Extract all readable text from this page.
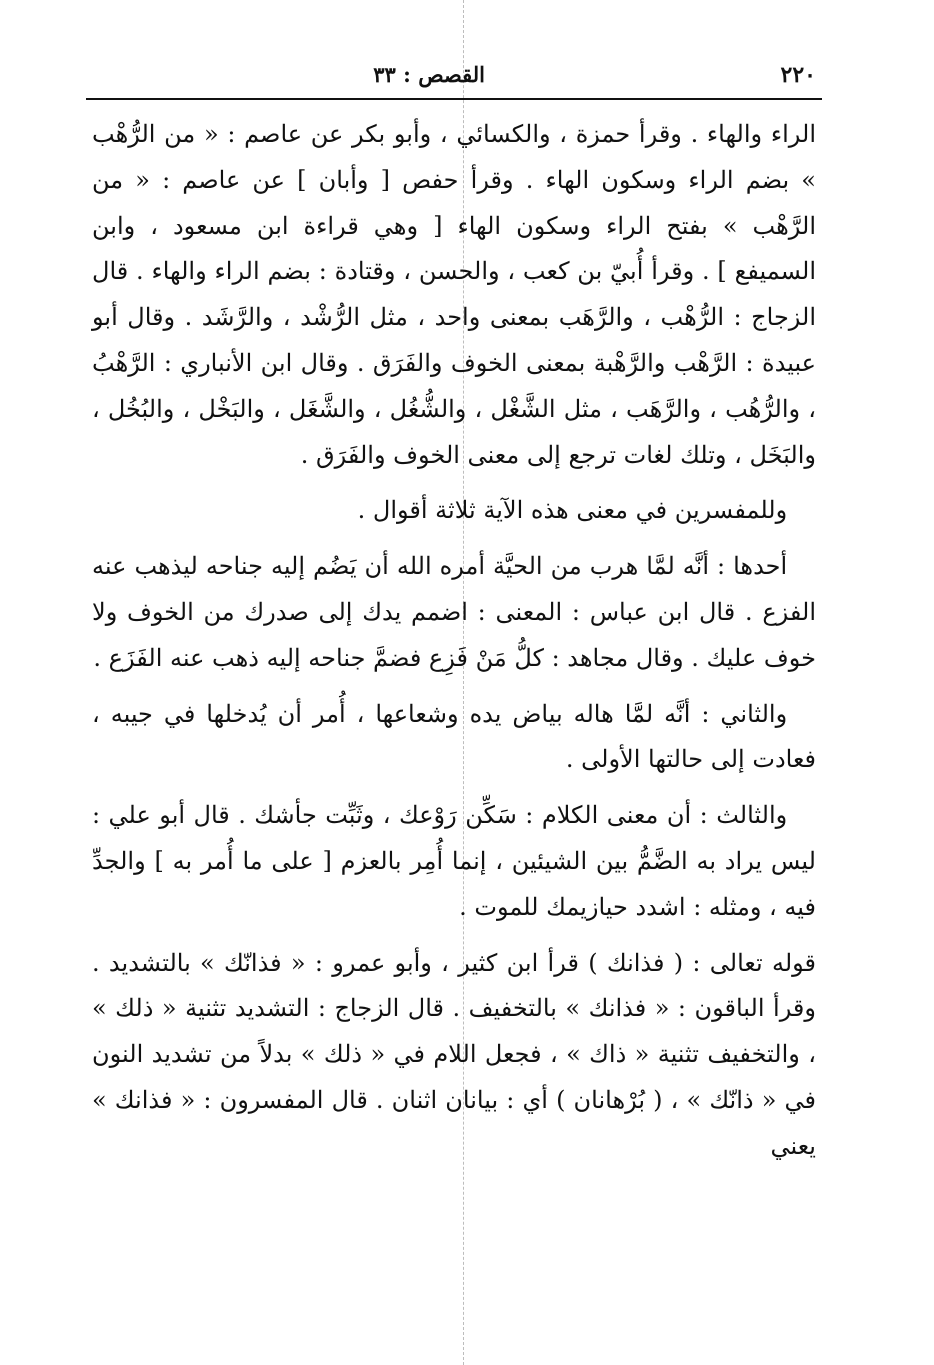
٢٢٠
القصص : ٣٣

الراء والهاء . وقرأ حمزة ، والكسائي ، وأبو بكر عن عاصم : « من الرُّهْب » بضم الراء وسكون الهاء . وقرأ حفص [ وأبان ] عن عاصم : « من الرَّهْب » بفتح الراء وسكون الهاء [ وهي قراءة ابن مسعود ، وابن السميفع ] . وقرأ أُبيّ بن كعب ، والحسن ، وقتادة : بضم الراء والهاء . قال الزجاج : الرُّهْب ، والرَّهَب بمعنى واحد ، مثل الرُّشْد ، والرَّشَد . وقال أبو عبيدة : الرَّهْب والرَّهْبة بمعنى الخوف والفَرَق . وقال ابن الأنباري : الرَّهْبُ ، والرُّهُب ، والرَّهَب ، مثل الشَّغْل ، والشُّغُل ، والشَّغَل ، والبَخْل ، والبُخُل ، والبَخَل ، وتلك لغات ترجع إلى معنى الخوف والفَرَق .

وللمفسرين في معنى هذه الآية ثلاثة أقوال .

أحدها : أنَّه لمَّا هرب من الحيَّة أمره الله أن يَضُم إليه جناحه ليذهب عنه الفزع . قال ابن عباس : المعنى : اضمم يدك إلى صدرك من الخوف ولا خوف عليك . وقال مجاهد : كلُّ مَنْ فَزِع فضمَّ جناحه إليه ذهب عنه الفَزَع .

والثاني : أنَّه لمَّا هاله بياض يده وشعاعها ، أُمر أن يُدخلها في جيبه ، فعادت إلى حالتها الأولى .

والثالث : أن معنى الكلام : سَكِّن رَوْعك ، وثَبِّت جأشك . قال أبو علي : ليس يراد به الضَّمُّ بين الشيئين ، إنما أُمِر بالعزم [ على ما أُمر به ] والجدِّ فيه ، ومثله : اشدد حيازيمك للموت .

قوله تعالى : ( فذانك ) قرأ ابن كثير ، وأبو عمرو : « فذانّك » بالتشديد . وقرأ الباقون : « فذانك » بالتخفيف . قال الزجاج : التشديد تثنية « ذلك » ، والتخفيف تثنية « ذاك » ، فجعل اللام في « ذلك » بدلاً من تشديد النون في « ذانّك » ، ( بُرْهانان ) أي : بيانان اثنان . قال المفسرون : « فذانك » يعني
